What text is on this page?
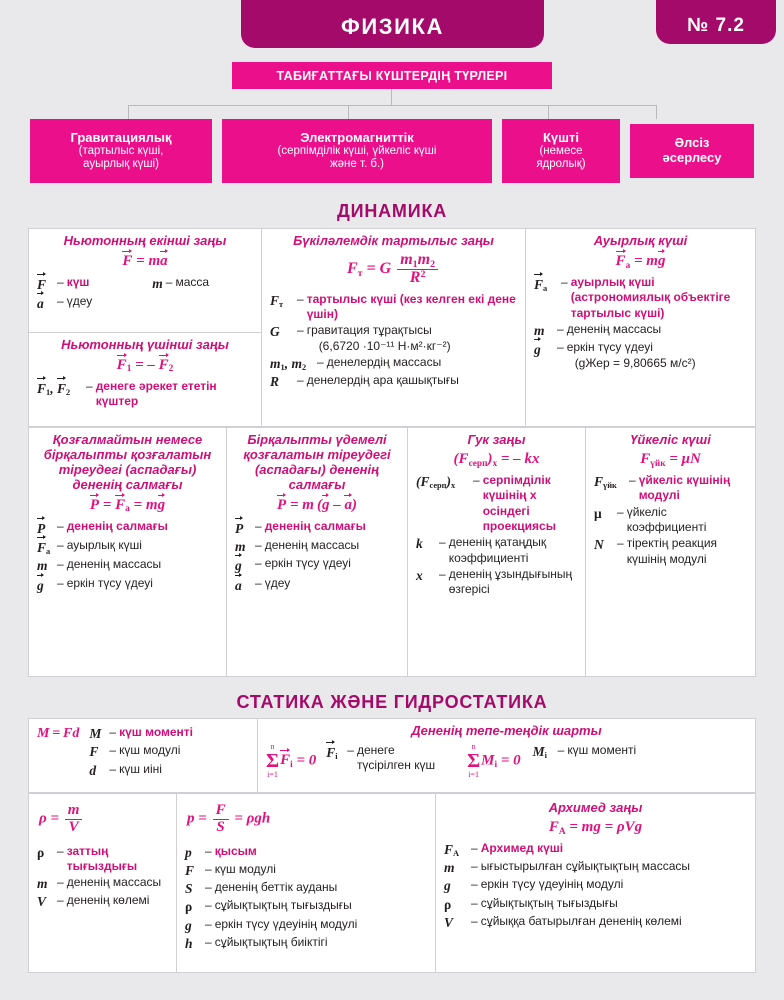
ФИЗИКА	№ 7.2
ТАБИҒАТТАҒЫ КҮШТЕРДІҢ ТҮРЛЕРІ
Гравитациялық
(тартылыс күші,
ауырлық күші)
Электромагниттік
(серпімділік күші, үйкеліс күші
және т. б.)
Күшті
(немесе
ядролық)
Әлсіз
әсерлесу
ДИНАМИКА
Ньютонның екінші заңы
F = ma
F – күш	m – масса
a	– үдеу
Ньютонның үшінші заңы
$F_1$ = – $F_2$
$F_1$, $F_2$	– денеге әрекет ететін күштер
Бүкіләлемдік тартылыс заңы
$F_т = G \frac{m_1m_2}{R^2}$
$F_т$	– тартылыс күші (кез келген екі дене үшін)
G	– гравитация тұрақтысы
(6,6720 ·10⁻¹¹ Н·м²·кг⁻²)
$m_1$, $m_2$ – денелердің массасы
R	– денелердің ара қашықтығы
Ауырлық күші
$F_а$ = mg
$F_а$	– ауырлық күші (астрономиялық объектіге тартылыс күші)
m	– дененің массасы
g	– еркін түсу үдеуі
(gЖер = 9,80665 м/с²)
Қозғалмайтын немесе бірқалыпты қозғалатын тіреудегі (аспадағы) дененің салмағы
$P = F_а$ = mg
P – дененің салмағы
$F_а$ – ауырлық күші
m – дененің массасы
g	– еркін түсу үдеуі
Бірқалыпты үдемелі қозғалатын тіреудегі (аспадағы) дененің салмағы
P = m (g – a)
P – дененің салмағы
m – дененің массасы
g	– еркін түсу үдеуі
a	– үдеу
Гук заңы
$(F_{серп})_x$ = – kx
$(F_{серп})_x$	– серпімділік күшінің x осіндегі проекциясы
k	– дененің қатаңдық коэффициенті
x	– дененің ұзындығының өзгерісі
Үйкеліс күші
$F_{үйк} = \mu N$
$F_{үйк}$	– үйкеліс күшінің модулі
μ	– үйкеліс коэффициенті
N	– тіректің реакция күшінің модулі
СТАТИКА ЖӘНЕ ГИДРОСТАТИКА
M = Fd M – күш моменті
F – күш модулі
d	– күш иіні
Дененің тепе-теңдік шарты
n
Σ
i=1
$F_i = 0$ $F_i$ – денеге
түсірілген күш
n
Σ
i=1
$M_i = 0$
$M_i$ – күш моменті
$\rho = \frac{m}{V}$
ρ	– заттың тығыздығы
m – дененің массасы
V – дененің көлемі
$p = \frac{F}{S} = \rho gh$
p	– қысым
F – күш модулі
S	– дененің беттік ауданы
ρ	– сұйықтықтың тығыздығы
g	– еркін түсу үдеуінің модулі
h	– сұйықтықтың биіктігі
Архимед заңы
$F_A$ = mg = ρVg
$F_A$ – Архимед күші
m	– ығыстырылған сұйықтықтың массасы
g	– еркін түсу үдеуінің модулі
ρ	– сұйықтықтың тығыздығы
V	– сұйыққа батырылған дененің көлемі
